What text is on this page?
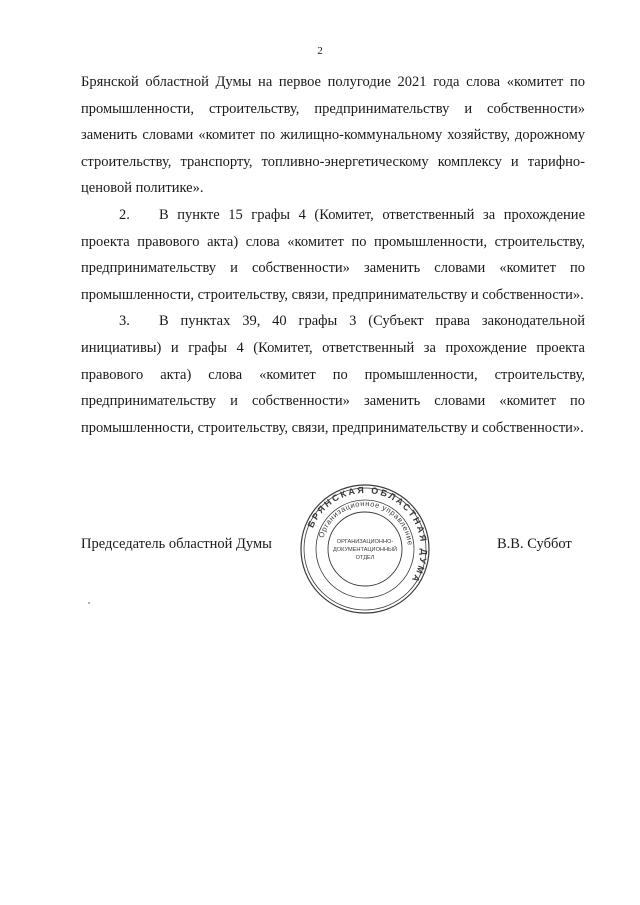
2

Брянской областной Думы на первое полугодие 2021 года слова «комитет по промышленности, строительству, предпринимательству и собственности» заменить словами «комитет по жилищно-коммунальному хозяйству, дорожному строительству, транспорту, топливно-энергетическому комплексу и тарифно-ценовой политике».

2. В пункте 15 графы 4 (Комитет, ответственный за прохождение проекта правового акта) слова «комитет по промышленности, строительству, предпринимательству и собственности» заменить словами «комитет по промышленности, строительству, связи, предпринимательству и собственности».

3. В пунктах 39, 40 графы 3 (Субъект права законодательной инициативы) и графы 4 (Комитет, ответственный за прохождение проекта правового акта) слова «комитет по промышленности, строительству, предпринимательству и собственности» заменить словами «комитет по промышленности, строительству, связи, предпринимательству и собственности».

Председатель областной Думы	В.В. Суббот
БРЯНСКАЯ ОБЛАСТНАЯ ДУМА
Организационное управление
ОРГАНИЗАЦИОННО-
ДОКУМЕНТАЦИОННЫЙ
ОТДЕЛ
